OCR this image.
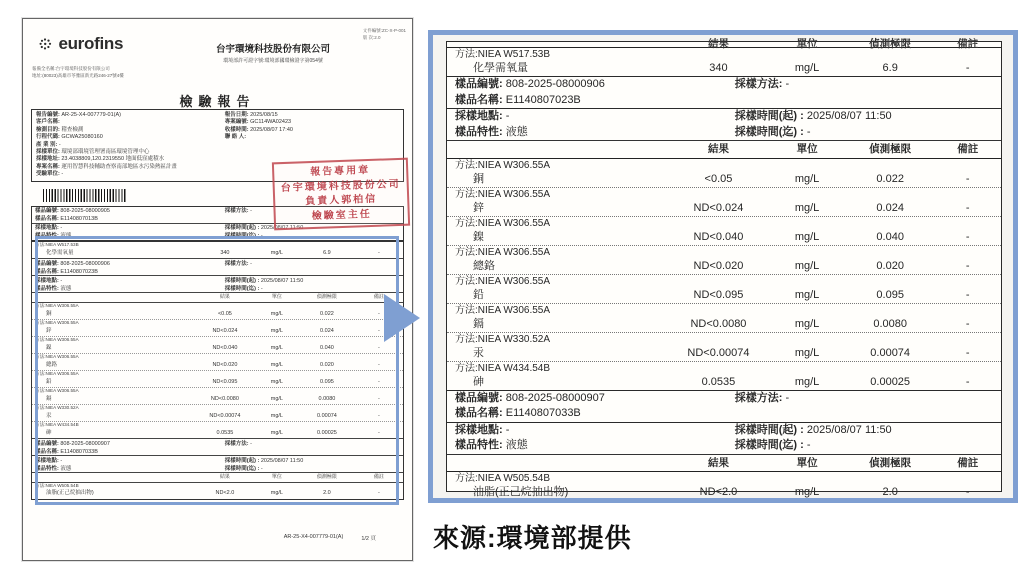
eurofins	台宇環境科技股份有限公司
環境部許可證字號:環境部國環檢證字第054號
文件編號:ZC-X-P-001
版 次:2.0
報備全名稱:台宇環境科技股份有限公司
地址:(80023)高雄市苓雅區新光路246-27號4樓
檢驗報告
報告編號: AR-25-X4-007779-01(A)	報告日期: 2025/08/15
客戶名稱:	專案編號: GC114WA02423
檢測目的: 稽查檢測	收樣時間: 2025/08/07 17:40
行程代碼: GCWA25080160	聯 絡 人:
產 業 別: -
採樣單位: 環境部環境管理署南區環境管理中心
採樣地址: 23.4038809,120.2319550 地面低窪處積水
專案名稱: 運用智慧科技輔助查察南部地區水污染熱區計畫
受驗單位: -	報告專用章
台宇環境科技股份公司
負責人郭柏信
檢驗室主任
樣品編號: 808-2025-08000905	採樣方法: -
樣品名稱: E1140807013B
採樣地點: -	採樣時間(起) : 2025/08/07 11:50
樣品特性: 液態	採樣時間(迄) : -
方法:NIEA W517.53B
化學需氧量	340	mg/L	6.9	-
樣品編號: 808-2025-08000906	採樣方法: -
樣品名稱: E1140807023B
採樣地點: -	採樣時間(起) : 2025/08/07 11:50
樣品特性: 液態	採樣時間(迄) : -
結果	單位	偵測極限	備註
方法:NIEA W306.55A
銅	<0.05	mg/L	0.022	-
方法:NIEA W306.55A
鋅	ND<0.024	mg/L	0.024	-
方法:NIEA W306.55A
鎳	ND<0.040	mg/L	0.040	-
方法:NIEA W306.55A
總鉻	ND<0.020	mg/L	0.020	-
方法:NIEA W306.55A
鉛	ND<0.095	mg/L	0.095	-
方法:NIEA W306.55A
鎘	ND<0.0080	mg/L	0.0080	-
方法:NIEA W330.52A
汞	ND<0.00074	mg/L	0.00074	-
方法:NIEA W434.54B
砷	0.0535	mg/L	0.00025	-
樣品編號: 808-2025-08000907	採樣方法: -
樣品名稱: E1140807033B
採樣地點: -	採樣時間(起) : 2025/08/07 11:50
樣品特性: 液態	採樣時間(迄) : -
結果	單位	偵測極限	備註
方法:NIEA W505.54B
油脂(正己烷抽出物)	ND<2.0	mg/L	2.0	-
AR-25-X4-007779-01(A)	1/2 頁
結果	單位	偵測極限	備註
方法:NIEA W517.53B
化學需氧量	340	mg/L	6.9	-
樣品編號: 808-2025-08000906	採樣方法: -
樣品名稱: E1140807023B
採樣地點: -	採樣時間(起) : 2025/08/07 11:50
樣品特性: 液態	採樣時間(迄) : -
結果	單位	偵測極限	備註
方法:NIEA W306.55A
銅	<0.05	mg/L	0.022	-
方法:NIEA W306.55A
鋅	ND<0.024	mg/L	0.024	-
方法:NIEA W306.55A
鎳	ND<0.040	mg/L	0.040	-
方法:NIEA W306.55A
總鉻	ND<0.020	mg/L	0.020	-
方法:NIEA W306.55A
鉛	ND<0.095	mg/L	0.095	-
方法:NIEA W306.55A
鎘	ND<0.0080	mg/L	0.0080	-
方法:NIEA W330.52A
汞	ND<0.00074	mg/L	0.00074	-
方法:NIEA W434.54B
砷	0.0535	mg/L	0.00025	-
樣品編號: 808-2025-08000907	採樣方法: -
樣品名稱: E1140807033B
採樣地點: -	採樣時間(起) : 2025/08/07 11:50
樣品特性: 液態	採樣時間(迄) : -
結果	單位	偵測極限	備註
方法:NIEA W505.54B
油脂(正己烷抽出物)	ND<2.0	mg/L	2.0	-
來源:環境部提供
